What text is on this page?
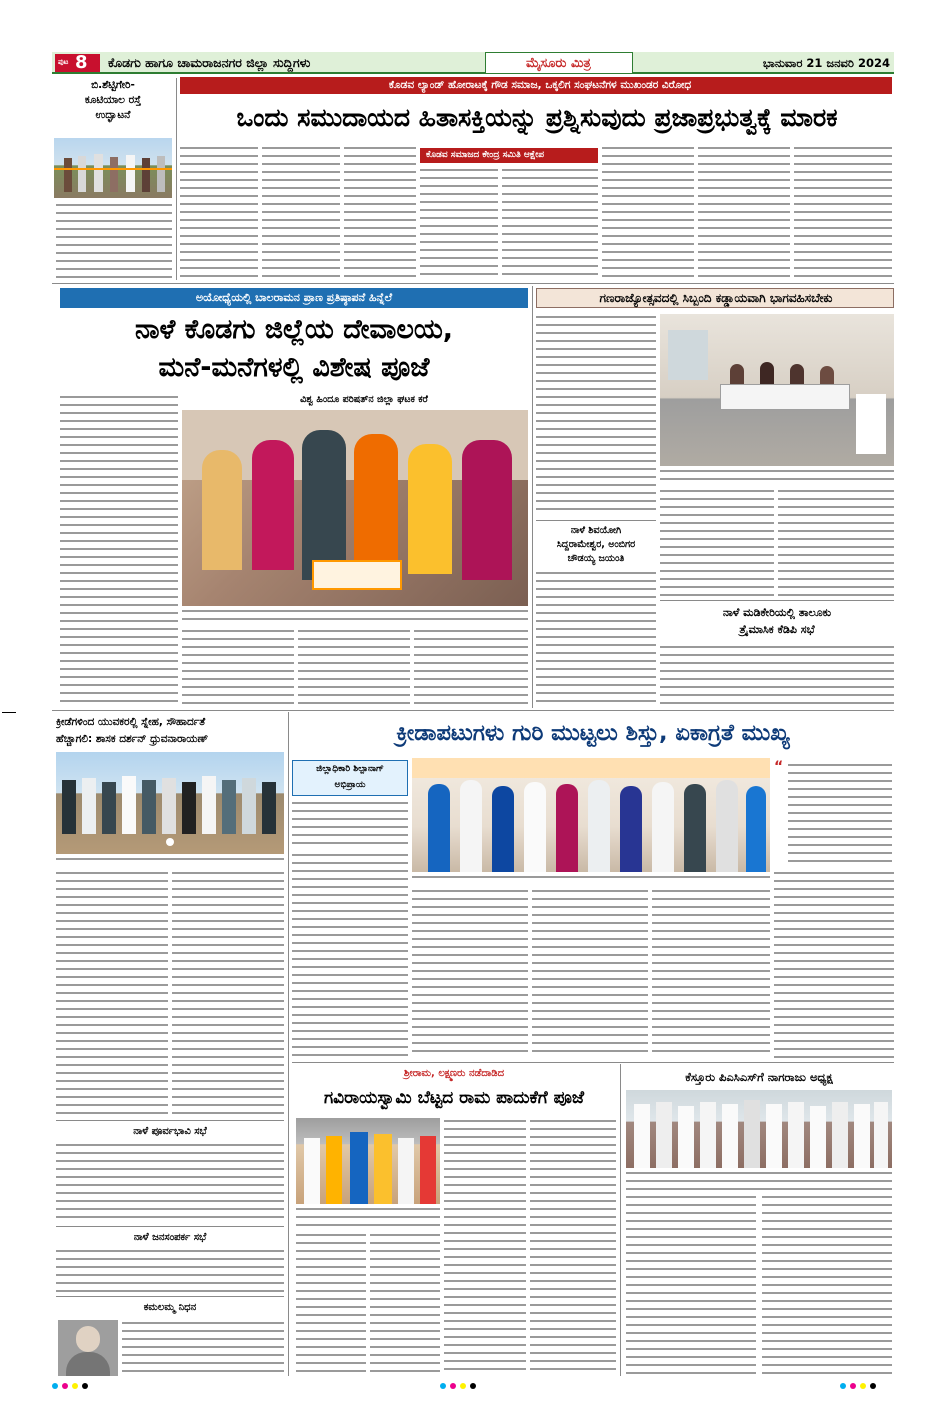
ಪುಟ 8 ಕೊಡಗು ಹಾಗೂ ಚಾಮರಾಜನಗರ ಜಿಲ್ಲಾ ಸುದ್ದಿಗಳು	ಮೈಸೂರು ಮಿತ್ರ	ಭಾನುವಾರ 21 ಜನವರಿ 2024
ಬಿ.ಶೆಟ್ಟಿಗೇರಿ-
ಕೂಟಿಯಾಲ ರಸ್ತೆ
ಉದ್ಘಾಟನೆ
ಕೊಡವ ಲ್ಯಾಂಡ್ ಹೋರಾಟಕ್ಕೆ ಗೌಡ ಸಮಾಜ, ಒಕ್ಕಲಿಗ ಸಂಘಟನೆಗಳ ಮುಖಂಡರ ವಿರೋಧ
ಒಂದು ಸಮುದಾಯದ ಹಿತಾಸಕ್ತಿಯನ್ನು ಪ್ರಶ್ನಿಸುವುದು ಪ್ರಜಾಪ್ರಭುತ್ವಕ್ಕೆ ಮಾರಕ
ಕೊಡವ ಸಮಾಜದ ಕೇಂದ್ರ ಸಮಿತಿ ಆಕ್ಷೇಪ
ಅಯೋಧ್ಯೆಯಲ್ಲಿ ಬಾಲರಾಮನ ಪ್ರಾಣ ಪ್ರತಿಷ್ಠಾಪನೆ ಹಿನ್ನೆಲೆ
ನಾಳೆ ಕೊಡಗು ಜಿಲ್ಲೆಯ ದೇವಾಲಯ,
ಮನೆ-ಮನೆಗಳಲ್ಲಿ ವಿಶೇಷ ಪೂಜೆ
ವಿಶ್ವ ಹಿಂದೂ ಪರಿಷತ್‌ನ ಜಿಲ್ಲಾ ಘಟಕ ಕರೆ
ಗಣರಾಜ್ಯೋತ್ಸವದಲ್ಲಿ ಸಿಬ್ಬಂದಿ ಕಡ್ಡಾಯವಾಗಿ ಭಾಗವಹಿಸಬೇಕು
ನಾಳೆ ಶಿವಯೋಗಿ
ಸಿದ್ದರಾಮೇಶ್ವರ, ಅಂಬಿಗರ
ಚೌಡಯ್ಯ ಜಯಂತಿ
ನಾಳೆ ಮಡಿಕೇರಿಯಲ್ಲಿ ತಾಲೂಕು
ತ್ರೈಮಾಸಿಕ ಕೆಡಿಪಿ ಸಭೆ
ಕ್ರೀಡೆಗಳಿಂದ ಯುವಕರಲ್ಲಿ ಸ್ನೇಹ, ಸೌಹಾರ್ದತೆ
ಹೆಚ್ಚಾಗಲಿ: ಶಾಸಕ ದರ್ಶನ್ ಧ್ರುವನಾರಾಯಣ್
ನಾಳೆ ಪೂರ್ವಭಾವಿ ಸಭೆ
ನಾಳೆ ಜನಸಂಪರ್ಕ ಸಭೆ
ಕಮಲಮ್ಮ ನಿಧನ
ಕ್ರೀಡಾಪಟುಗಳು ಗುರಿ ಮುಟ್ಟಲು ಶಿಸ್ತು, ಏಕಾಗ್ರತೆ ಮುಖ್ಯ
ಜಿಲ್ಲಾಧಿಕಾರಿ ಶಿಲ್ಪಾನಾಗ್
ಅಭಿಪ್ರಾಯ
“
ಶ್ರೀರಾಮ, ಲಕ್ಷ್ಮಣರು ನಡೆದಾಡಿದ
ಗವಿರಾಯಸ್ವಾಮಿ ಬೆಟ್ಟದ ರಾಮ ಪಾದುಕೆಗೆ ಪೂಜೆ
ಕೆಸ್ತೂರು ಪಿಎಸಿಎಸ್‌ಗೆ ನಾಗರಾಜು ಅಧ್ಯಕ್ಷ
